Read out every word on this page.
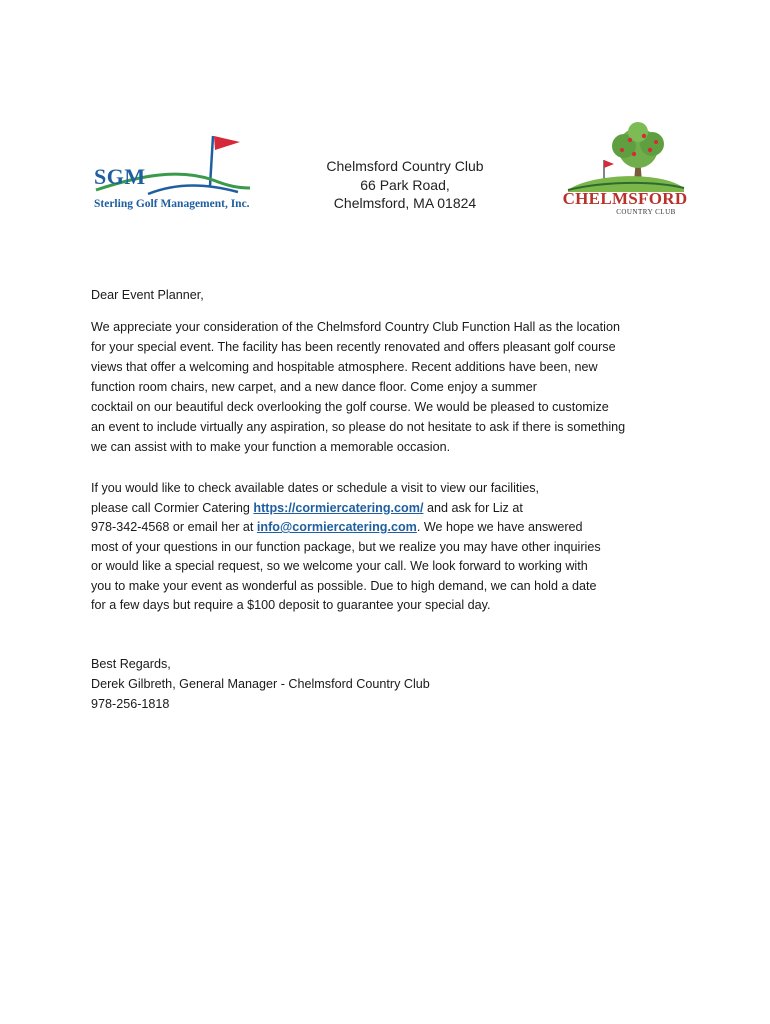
SGM
Sterling Golf Management, Inc.
Chelmsford Country Club
66 Park Road,
Chelmsford, MA 01824	CHELMSFORD
COUNTRY CLUB
Dear Event Planner,
We appreciate your consideration of the Chelmsford Country Club Function Hall as the location
for your special event. The facility has been recently renovated and offers pleasant golf course
views that offer a welcoming and hospitable atmosphere. Recent additions have been, new
function room chairs, new carpet, and a new dance floor. Come enjoy a summer
cocktail on our beautiful deck overlooking the golf course. We would be pleased to customize
an event to include virtually any aspiration, so please do not hesitate to ask if there is something
we can assist with to make your function a memorable occasion.
If you would like to check available dates or schedule a visit to view our facilities,
please call Cormier Catering https://cormiercatering.com/ and ask for Liz at
978-342-4568 or email her at info@cormiercatering.com. We hope we have answered
most of your questions in our function package, but we realize you may have other inquiries
or would like a special request, so we welcome your call. We look forward to working with
you to make your event as wonderful as possible. Due to high demand, we can hold a date
for a few days but require a $100 deposit to guarantee your special day.
Best Regards,
Derek Gilbreth, General Manager - Chelmsford Country Club
978-256-1818
